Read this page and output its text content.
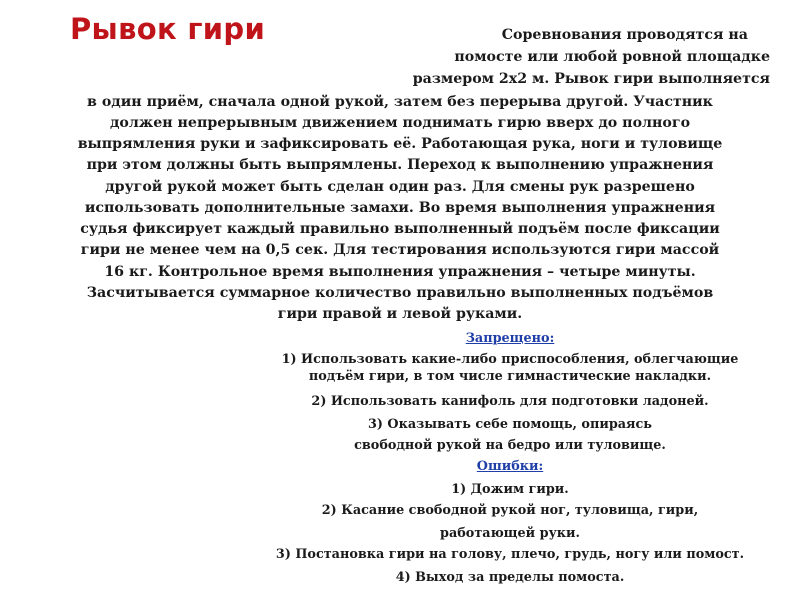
Рывок гири	Соревнования проводятся на
помосте или любой ровной площадке
размером 2х2 м. Рывок гири выполняется
в один приём, сначала одной рукой, затем без перерыва другой. Участник
должен непрерывным движением поднимать гирю вверх до полного
выпрямления руки и зафиксировать её. Работающая рука, ноги и туловище
при этом должны быть выпрямлены. Переход к выполнению упражнения
другой рукой может быть сделан один раз. Для смены рук разрешено
использовать дополнительные замахи. Во время выполнения упражнения
судья фиксирует каждый правильно выполненный подъём после фиксации
гири не менее чем на 0,5 сек. Для тестирования используются гири массой
16 кг. Контрольное время выполнения упражнения – четыре минуты.
Засчитывается суммарное количество правильно выполненных подъёмов
гири правой и левой руками.
Запрещено:
1) Использовать какие-либо приспособления, облегчающие
подъём гири, в том числе гимнастические накладки.
2) Использовать канифоль для подготовки ладоней.
3) Оказывать себе помощь, опираясь
свободной рукой на бедро или туловище.
Ошибки:
1) Дожим гири.
2) Касание свободной рукой ног, туловища, гири,
работающей руки.
3) Постановка гири на голову, плечо, грудь, ногу или помост.
4) Выход за пределы помоста.
